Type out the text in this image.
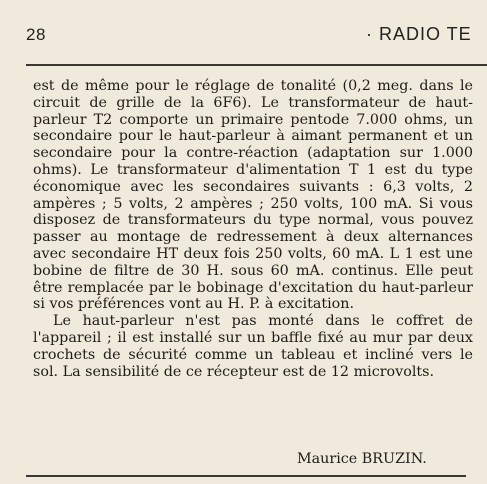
28	· RADIO TE

est de même pour le réglage de tonalité (0,2 meg. dans le circuit de grille de la 6F6). Le transformateur de haut-parleur T2 comporte un primaire pentode 7.000 ohms, un secondaire pour le haut-parleur à aimant permanent et un secondaire pour la contre-réaction (adaptation sur 1.000 ohms). Le transformateur d'alimentation T 1 est du type économique avec les secondaires suivants : 6,3 volts, 2 ampères ; 5 volts, 2 ampères ; 250 volts, 100 mA. Si vous disposez de transformateurs du type normal, vous pouvez passer au montage de redressement à deux alternances avec secondaire HT deux fois 250 volts, 60 mA. L 1 est une bobine de filtre de 30 H. sous 60 mA. continus. Elle peut être remplacée par le bobinage d'excitation du haut-parleur si vos préférences vont au H. P. à excitation.

Le haut-parleur n'est pas monté dans le coffret de l'appareil ; il est installé sur un baffle fixé au mur par deux crochets de sécurité comme un tableau et incliné vers le sol. La sensibilité de ce récepteur est de 12 microvolts.

Maurice BRUZIN.
